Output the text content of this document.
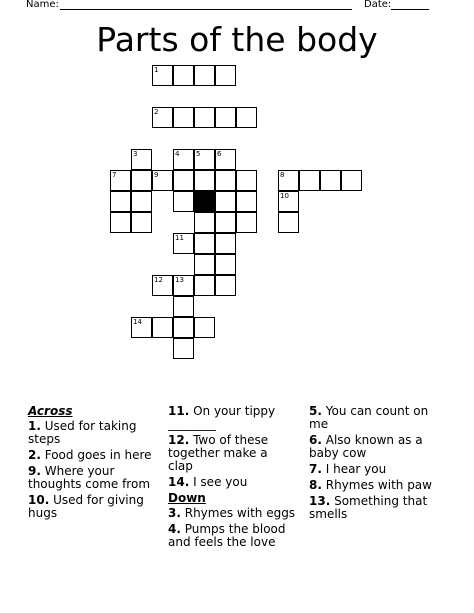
Name:	Date:
Parts of the body
1
2
3	4 5 6
7	8
9
10
11
12 13
14
Across
1. Used for taking steps
2. Food goes in here
9. Where your thoughts come from
10. Used for giving hugs
11. On your tippy ________
12. Two of these together make a clap
14. I see you
Down
3. Rhymes with eggs
4. Pumps the blood and feels the love
5. You can count on me
6. Also known as a baby cow
7. I hear you
8. Rhymes with paw
13. Something that smells
